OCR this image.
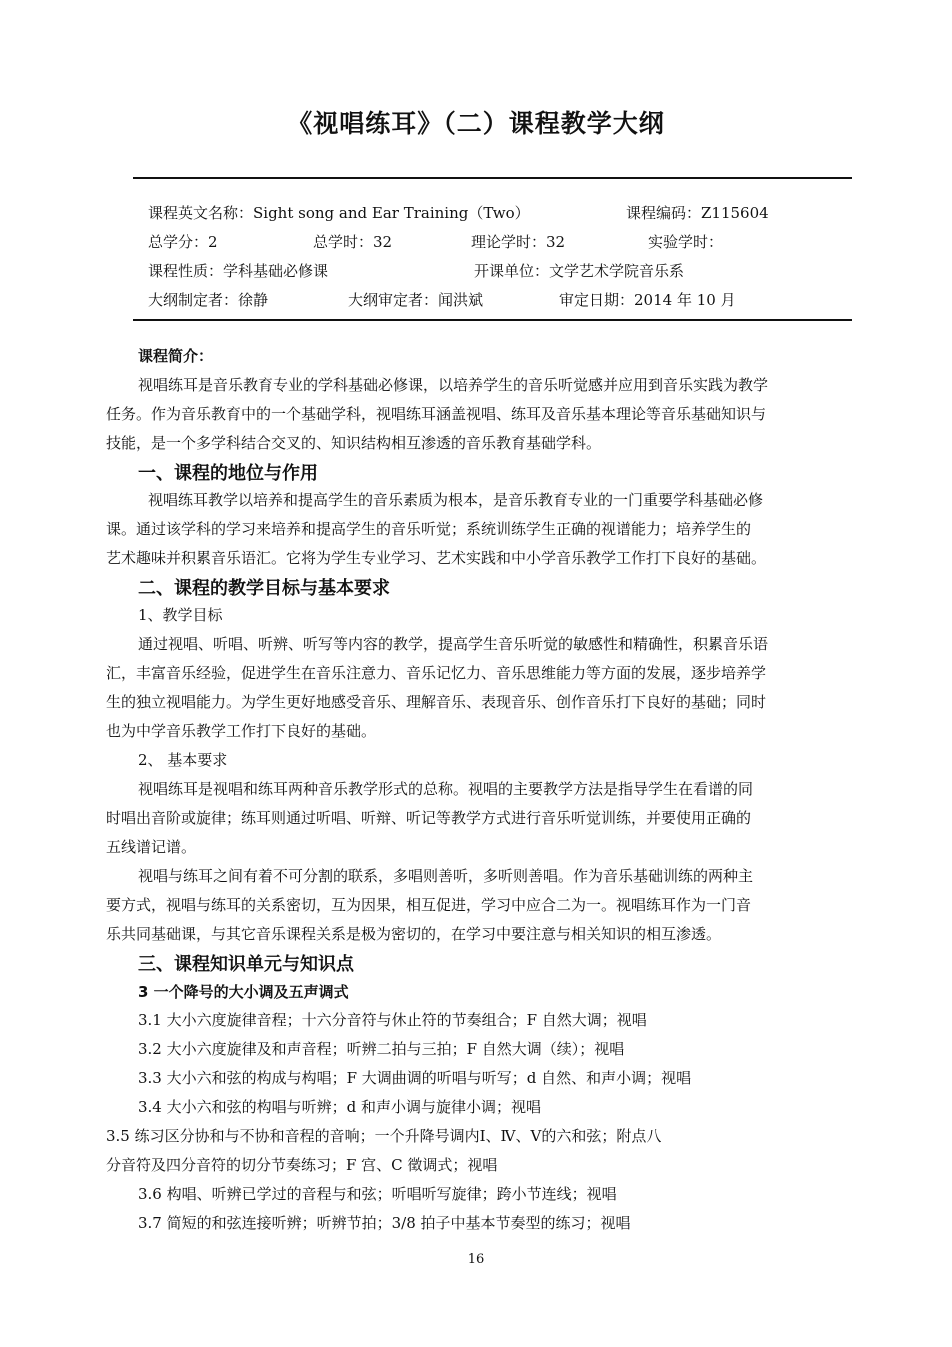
《视唱练耳》（二）课程教学大纲
课程英文名称：Sight song and Ear Training（Two）	课程编码：Z115604
总学分：2	总学时：32	理论学时：32	实验学时：
课程性质：学科基础必修课	开课单位：文学艺术学院音乐系
大纲制定者：徐静	大纲审定者：闻洪斌	审定日期：2014 年 10 月
课程简介：
视唱练耳是音乐教育专业的学科基础必修课，以培养学生的音乐听觉感并应用到音乐实践为教学
任务。作为音乐教育中的一个基础学科，视唱练耳涵盖视唱、练耳及音乐基本理论等音乐基础知识与
技能，是一个多学科结合交叉的、知识结构相互渗透的音乐教育基础学科。
一、课程的地位与作用
视唱练耳教学以培养和提高学生的音乐素质为根本，是音乐教育专业的一门重要学科基础必修
课。通过该学科的学习来培养和提高学生的音乐听觉；系统训练学生正确的视谱能力；培养学生的
艺术趣味并积累音乐语汇。它将为学生专业学习、艺术实践和中小学音乐教学工作打下良好的基础。
二、课程的教学目标与基本要求
1、教学目标
通过视唱、听唱、听辨、听写等内容的教学，提高学生音乐听觉的敏感性和精确性，积累音乐语
汇，丰富音乐经验，促进学生在音乐注意力、音乐记忆力、音乐思维能力等方面的发展，逐步培养学
生的独立视唱能力。为学生更好地感受音乐、理解音乐、表现音乐、创作音乐打下良好的基础；同时
也为中学音乐教学工作打下良好的基础。
2、 基本要求
视唱练耳是视唱和练耳两种音乐教学形式的总称。视唱的主要教学方法是指导学生在看谱的同
时唱出音阶或旋律；练耳则通过听唱、听辩、听记等教学方式进行音乐听觉训练，并要使用正确的
五线谱记谱。
视唱与练耳之间有着不可分割的联系，多唱则善听，多听则善唱。作为音乐基础训练的两种主
要方式，视唱与练耳的关系密切，互为因果，相互促进，学习中应合二为一。视唱练耳作为一门音
乐共同基础课，与其它音乐课程关系是极为密切的，在学习中要注意与相关知识的相互渗透。
三、课程知识单元与知识点
3 一个降号的大小调及五声调式
3.1 大小六度旋律音程；十六分音符与休止符的节奏组合；F 自然大调；视唱
3.2 大小六度旋律及和声音程；听辨二拍与三拍；F 自然大调（续）；视唱
3.3 大小六和弦的构成与构唱；F 大调曲调的听唱与听写；d 自然、和声小调；视唱
3.4 大小六和弦的构唱与听辨；d 和声小调与旋律小调；视唱
3.5 练习区分协和与不协和音程的音响；一个升降号调内Ⅰ、Ⅳ、Ⅴ的六和弦；附点八
分音符及四分音符的切分节奏练习；F 宫、C 徵调式；视唱
3.6 构唱、听辨已学过的音程与和弦；听唱听写旋律；跨小节连线；视唱
3.7 简短的和弦连接听辨；听辨节拍；3/8 拍子中基本节奏型的练习；视唱
16
